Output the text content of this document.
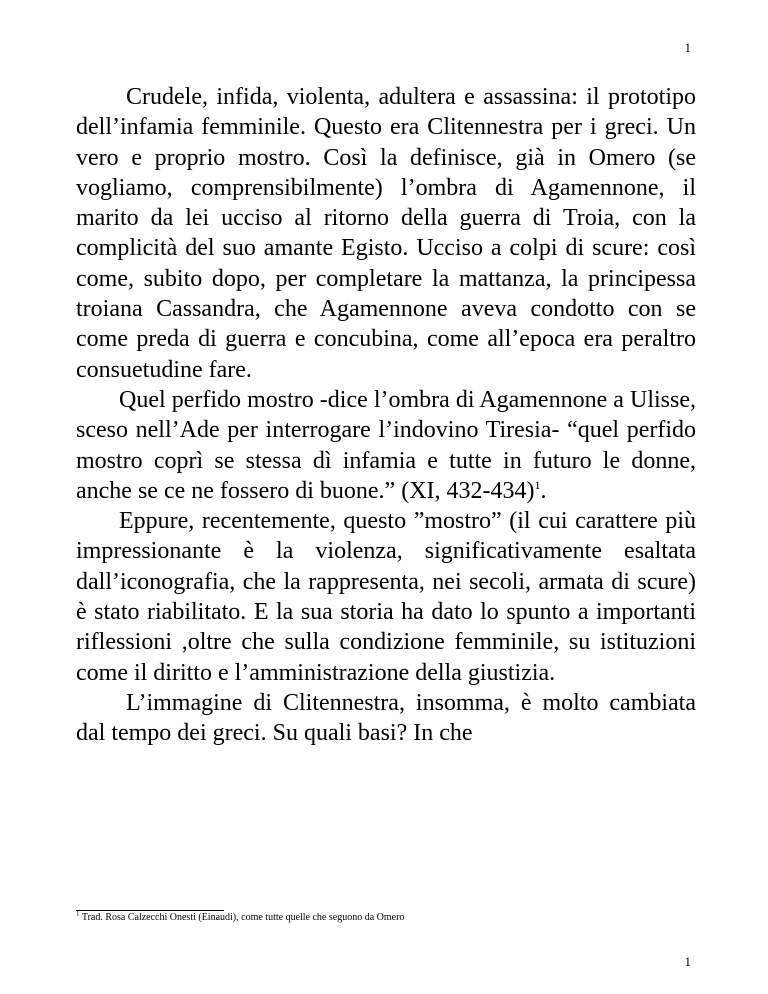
1

Crudele, infida, violenta, adultera e assassina: il prototipo dell’infamia femminile. Questo era Clitennestra per i greci. Un vero e proprio mostro. Così la definisce, già in Omero (se vogliamo, comprensibilmente) l’ombra di Agamennone, il marito da lei ucciso al ritorno della guerra di Troia, con la complicità del suo amante Egisto. Ucciso a colpi di scure: così come, subito dopo, per completare la mattanza, la principessa troiana Cassandra, che Agamennone aveva condotto con se come preda di guerra e concubina, come all’epoca era peraltro consuetudine fare.

Quel perfido mostro -dice l’ombra di Agamennone a Ulisse, sceso nell’Ade per interrogare l’indovino Tiresia- “quel perfido mostro coprì se stessa dì infamia e tutte in futuro le donne, anche se ce ne fossero di buone.” (XI, 432-434)$^1$.

Eppure, recentemente, questo ”mostro” (il cui carattere più impressionante è la violenza, significativamente esaltata dall’iconografia, che la rappresenta, nei secoli, armata di scure) è stato riabilitato. E la sua storia ha dato lo spunto a importanti riflessioni ,oltre che sulla condizione femminile, su istituzioni come il diritto e l’amministrazione della giustizia.

L’immagine di Clitennestra, insomma, è molto cambiata dal tempo dei greci. Su quali basi? In che

$^1$ Trad. Rosa Calzecchi Onesti (Einaudi), come tutte quelle che seguono da Omero
1
